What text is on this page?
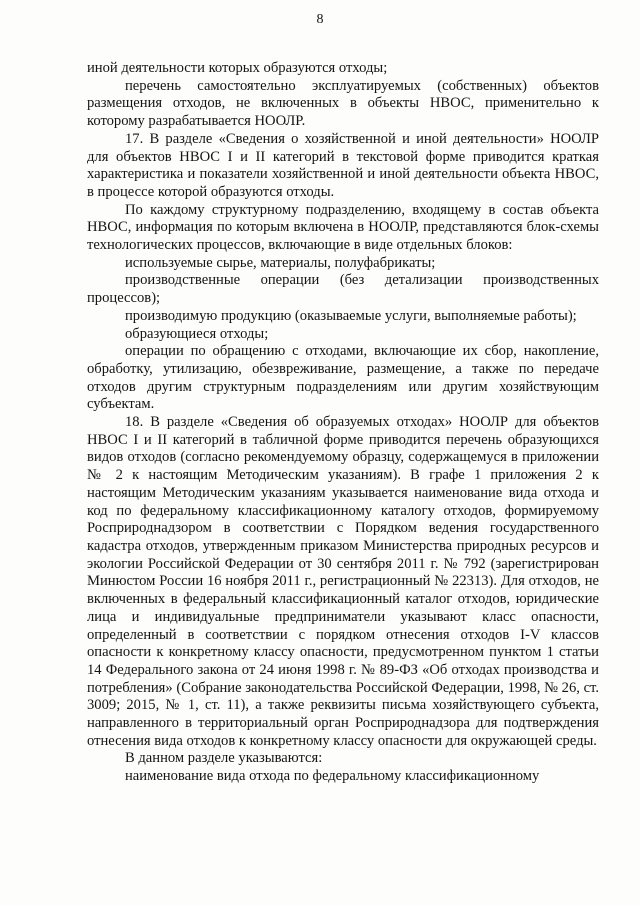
8

иной деятельности которых образуются отходы;

перечень самостоятельно эксплуатируемых (собственных) объектов размещения отходов, не включенных в объекты НВОС, применительно к которому разрабатывается НООЛР.

17. В разделе «Сведения о хозяйственной и иной деятельности» НООЛР для объектов НВОС I и II категорий в текстовой форме приводится краткая характеристика и показатели хозяйственной и иной деятельности объекта НВОС, в процессе которой образуются отходы.

По каждому структурному подразделению, входящему в состав объекта НВОС, информация по которым включена в НООЛР, представляются блок-схемы технологических процессов, включающие в виде отдельных блоков:

используемые сырье, материалы, полуфабрикаты;

производственные операции (без детализации производственных процессов);

производимую продукцию (оказываемые услуги, выполняемые работы);

образующиеся отходы;

операции по обращению с отходами, включающие их сбор, накопление, обработку, утилизацию, обезвреживание, размещение, а также по передаче отходов другим структурным подразделениям или другим хозяйствующим субъектам.

18. В разделе «Сведения об образуемых отходах» НООЛР для объектов НВОС I и II категорий в табличной форме приводится перечень образующихся видов отходов (согласно рекомендуемому образцу, содержащемуся в приложении № 2 к настоящим Методическим указаниям). В графе 1 приложения 2 к настоящим Методическим указаниям указывается наименование вида отхода и код по федеральному классификационному каталогу отходов, формируемому Росприроднадзором в соответствии с Порядком ведения государственного кадастра отходов, утвержденным приказом Министерства природных ресурсов и экологии Российской Федерации от 30 сентября 2011 г. № 792 (зарегистрирован Минюстом России 16 ноября 2011 г., регистрационный № 22313). Для отходов, не включенных в федеральный классификационный каталог отходов, юридические лица и индивидуальные предприниматели указывают класс опасности, определенный в соответствии с порядком отнесения отходов I-V классов опасности к конкретному классу опасности, предусмотренном пунктом 1 статьи 14 Федерального закона от 24 июня 1998 г. № 89-ФЗ «Об отходах производства и потребления» (Собрание законодательства Российской Федерации, 1998, № 26, ст. 3009; 2015, № 1, ст. 11), а также реквизиты письма хозяйствующего субъекта, направленного в территориальный орган Росприроднадзора для подтверждения отнесения вида отходов к конкретному классу опасности для окружающей среды.

В данном разделе указываются:

наименование вида отхода по федеральному классификационному
